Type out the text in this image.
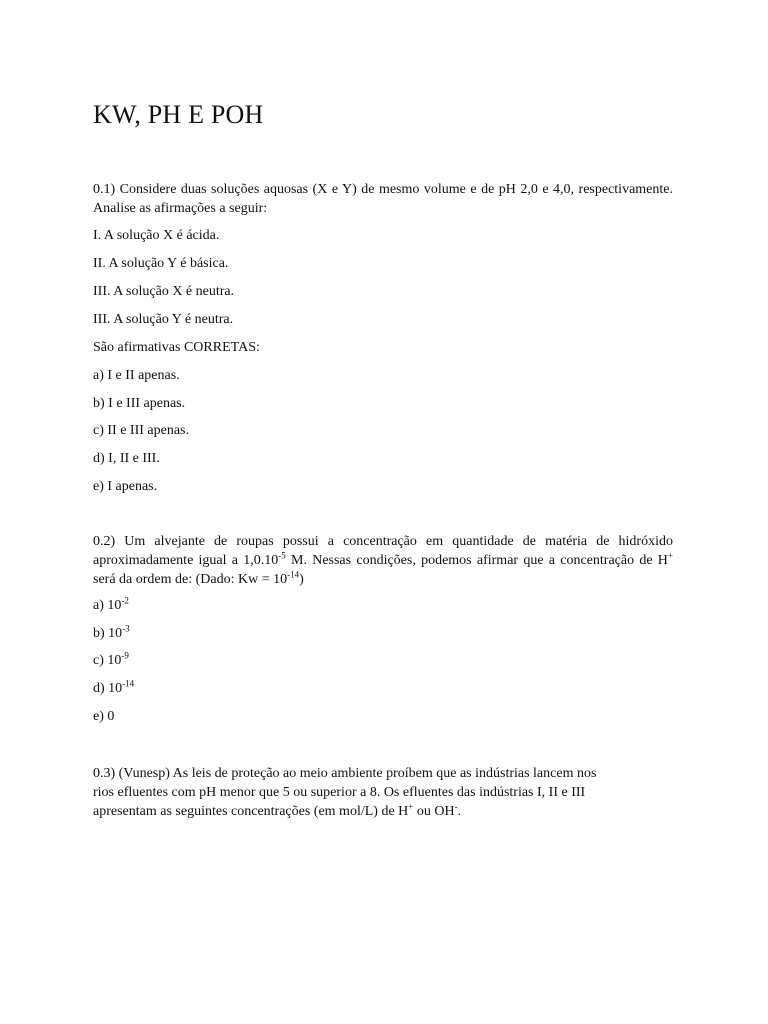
KW, PH E POH

0.1) Considere duas soluções aquosas (X e Y) de mesmo volume e de pH 2,0 e 4,0, respectivamente. Analise as afirmações a seguir:

I. A solução X é ácida.
II. A solução Y é básica.
III. A solução X é neutra.
III. A solução Y é neutra.
São afirmativas CORRETAS:
a) I e II apenas.
b) I e III apenas.
c) II e III apenas.
d) I, II e III.
e) I apenas.

0.2) Um alvejante de roupas possui a concentração em quantidade de matéria de hidróxido aproximadamente igual a $1,0.10^{-5}$ M. Nessas condições, podemos afirmar que a concentração de H+ será da ordem de: (Dado: $Kw = 10^{-14}$)

a) $10^{-2}$
b) $10^{-3}$
c) $10^{-9}$
d) $10^{-14}$
e) 0
0.3) (Vunesp) As leis de proteção ao meio ambiente proíbem que as indústrias lancem nos
rios efluentes com pH menor que 5 ou superior a 8. Os efluentes das indústrias I, II e III
apresentam as seguintes concentrações (em mol/L) de H+ ou OH-.
